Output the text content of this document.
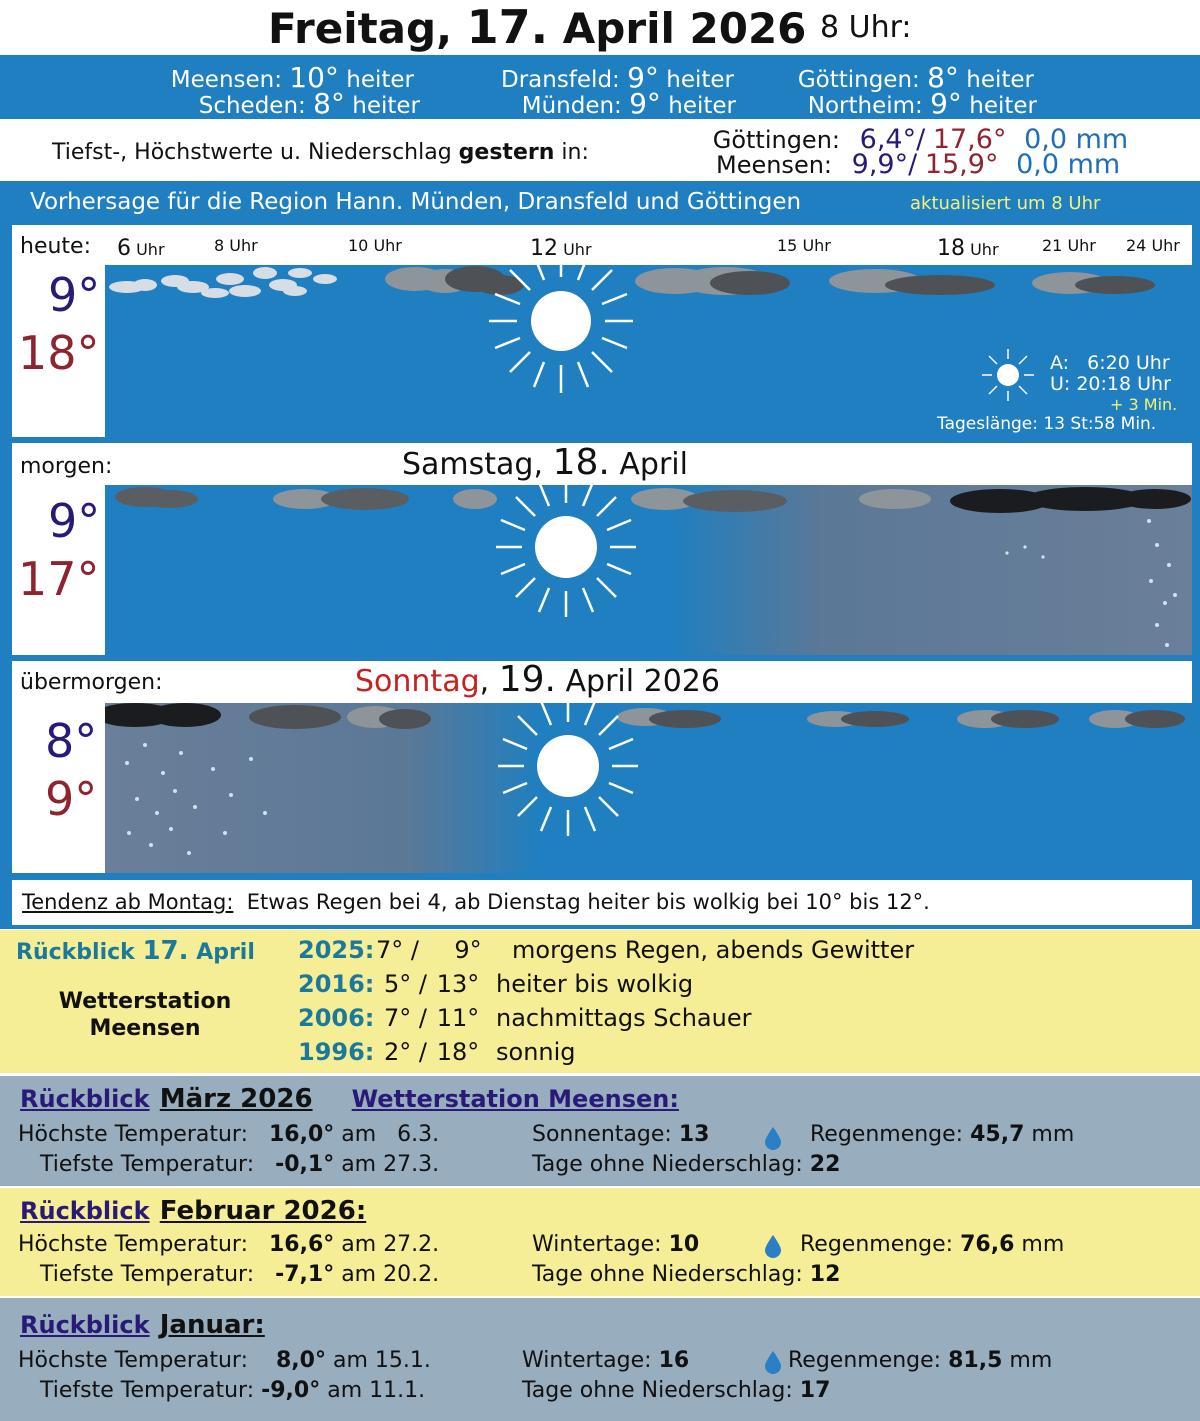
Freitag, 17. April 2026 8 Uhr:
Meensen: 10° heiter
Scheden: 8° heiter
Dransfeld: 9° heiter
Münden: 9° heiter
Göttingen: 8° heiter
Northeim: 9° heiter
Tiefst-, Höchstwerte u. Niederschlag gestern in:	Göttingen: 6,4°/ 17,6° 0,0 mm
Meensen: 9,9°/ 15,9° 0,0 mm
Vorhersage für die Region Hann. Münden, Dransfeld und Göttingen	aktualisiert um 8 Uhr
heute: 6 Uhr	8 Uhr	10 Uhr	12 Uhr	15 Uhr	18 Uhr	21 Uhr 24 Uhr
9°
18°	A:   6:20 Uhr
U: 20:18 Uhr
+ 3 Min.
Tageslänge: 13 St:58 Min.
morgen:	Samstag, 18. April
9°
17°
übermorgen:	Sonntag, 19. April 2026
8°
9°
Tendenz ab Montag: Etwas Regen bei 4, ab Dienstag heiter bis wolkig bei 10° bis 12°.
Rückblick 17. April
Wetterstation
Meensen
2025:7° / 9° morgens Regen, abends Gewitter
2016: 5° / 13° heiter bis wolkig
2006: 7° / 11° nachmittags Schauer
1996: 2° / 18° sonnig
Rückblick März 2026 Wetterstation Meensen:
Höchste Temperatur: 16,0° am 6.3.
Tiefste Temperatur: -0,1° am 27.3.
Sonnentage: 13	Regenmenge: 45,7 mm
Tage ohne Niederschlag: 22
Rückblick Februar 2026:
Höchste Temperatur: 16,6° am 27.2.
Tiefste Temperatur: -7,1° am 20.2.
Wintertage: 10	Regenmenge: 76,6 mm
Tage ohne Niederschlag: 12
Rückblick Januar:
Höchste Temperatur: 8,0° am 15.1.
Tiefste Temperatur: -9,0° am 11.1.
Wintertage: 16	Regenmenge: 81,5 mm
Tage ohne Niederschlag: 17
